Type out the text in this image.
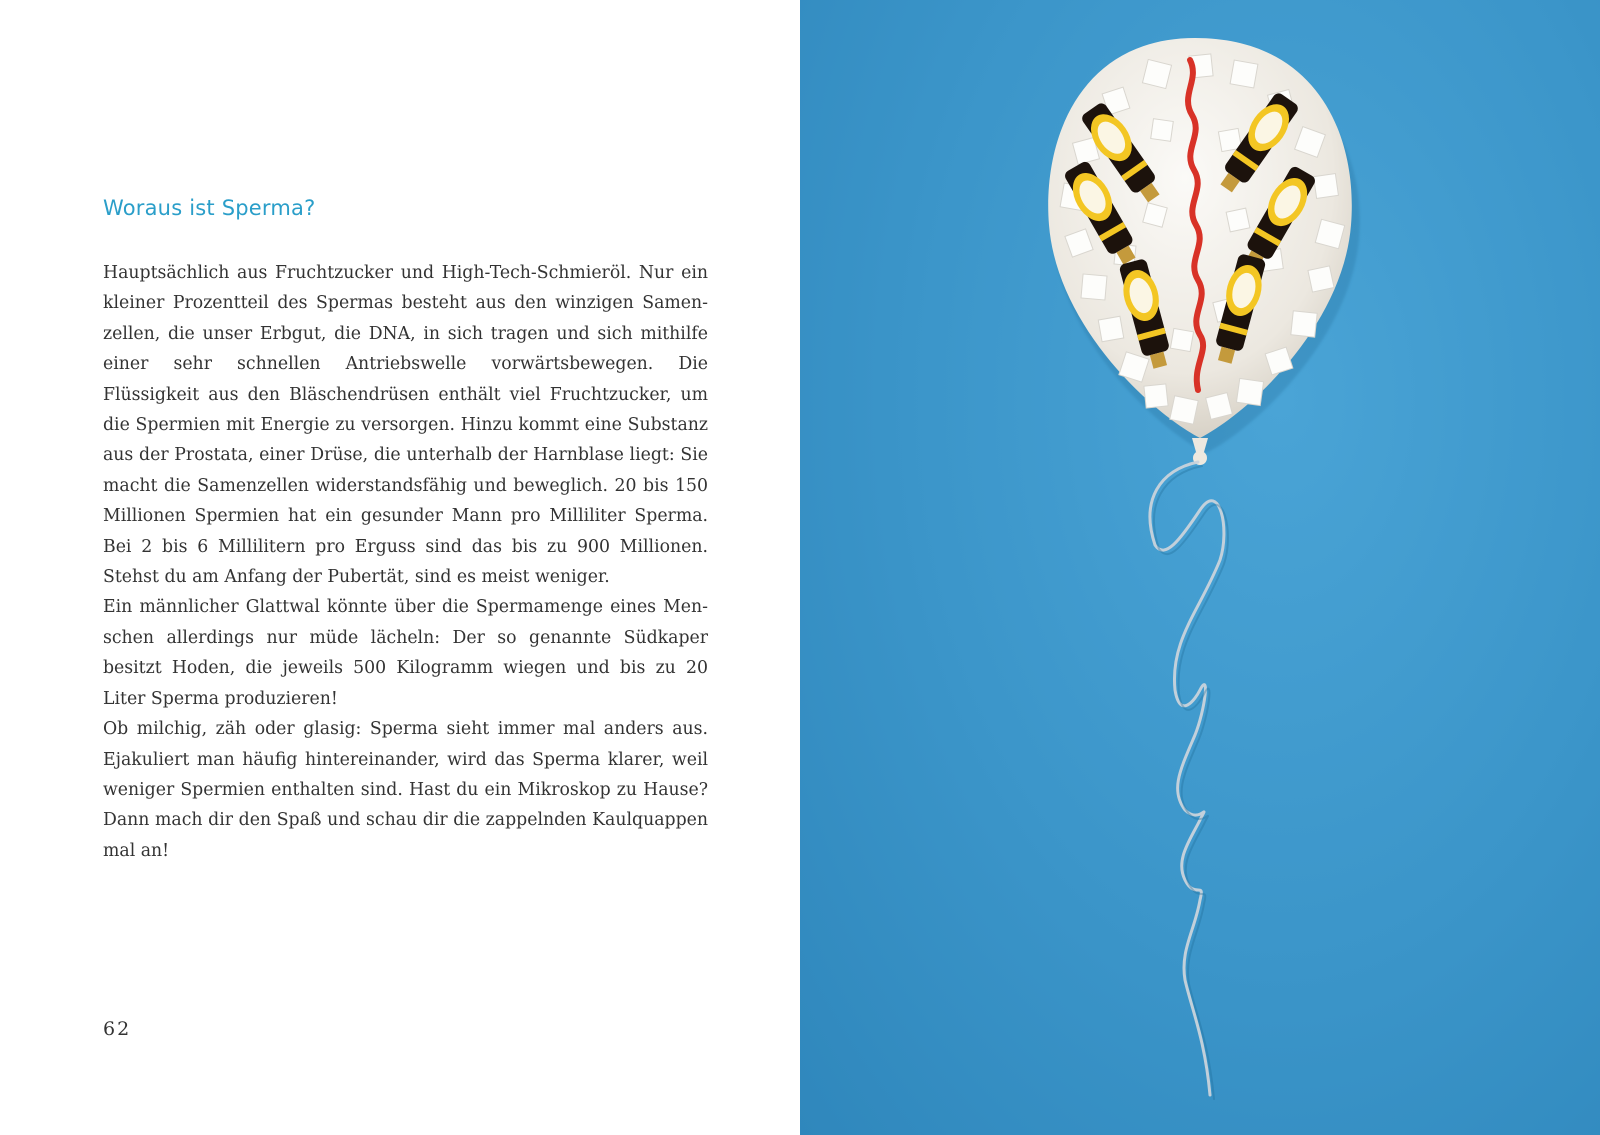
Woraus ist Sperma?

Hauptsächlich aus Fruchtzucker und High-Tech-Schmieröl. Nur ein kleiner Prozentteil des Spermas besteht aus den winzigen Samenzellen, die unser Erbgut, die DNA, in sich tragen und sich mithilfe einer sehr schnellen Antriebswelle vorwärtsbewegen. Die Flüssigkeit aus den Bläschendrüsen enthält viel Fruchtzucker, um die Spermien mit Energie zu versorgen. Hinzu kommt eine Substanz aus der Prostata, einer Drüse, die unterhalb der Harnblase liegt: Sie macht die Samenzellen widerstandsfähig und beweglich. 20 bis 150 Millionen Spermien hat ein gesunder Mann pro Milliliter Sperma. Bei 2 bis 6 Millilitern pro Erguss sind das bis zu 900 Millionen. Stehst du am Anfang der Pubertät, sind es meist weniger.

Ein männlicher Glattwal könnte über die Spermamenge eines Menschen allerdings nur müde lächeln: Der so genannte Südkaper besitzt Hoden, die jeweils 500 Kilogramm wiegen und bis zu 20 Liter Sperma produzieren!

Ob milchig, zäh oder glasig: Sperma sieht immer mal anders aus. Ejakuliert man häufig hintereinander, wird das Sperma klarer, weil weniger Spermien enthalten sind. Hast du ein Mikroskop zu Hause? Dann mach dir den Spaß und schau dir die zappelnden Kaulquappen mal an!

62
